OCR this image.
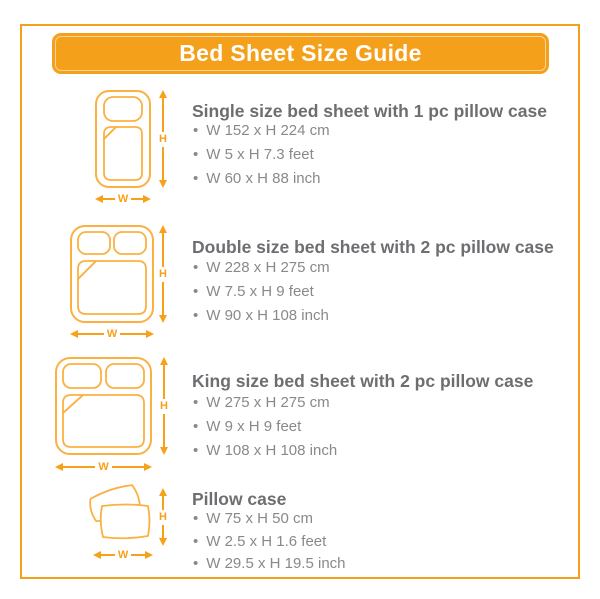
Bed Sheet Size Guide
H
W
Single size bed sheet with 1 pc pillow case
• W 152 x H 224 cm
• W 5 x H 7.3 feet
• W 60 x H 88 inch
H
W
Double size bed sheet with 2 pc pillow case
• W 228 x H 275 cm
• W 7.5 x H 9 feet
• W 90 x H 108 inch
H
W
King size bed sheet with 2 pc pillow case
• W 275 x H 275 cm
• W 9 x H 9 feet
• W 108 x H 108 inch
H
W
Pillow case
• W 75 x H 50 cm
• W 2.5 x H 1.6 feet
• W 29.5 x H 19.5 inch
